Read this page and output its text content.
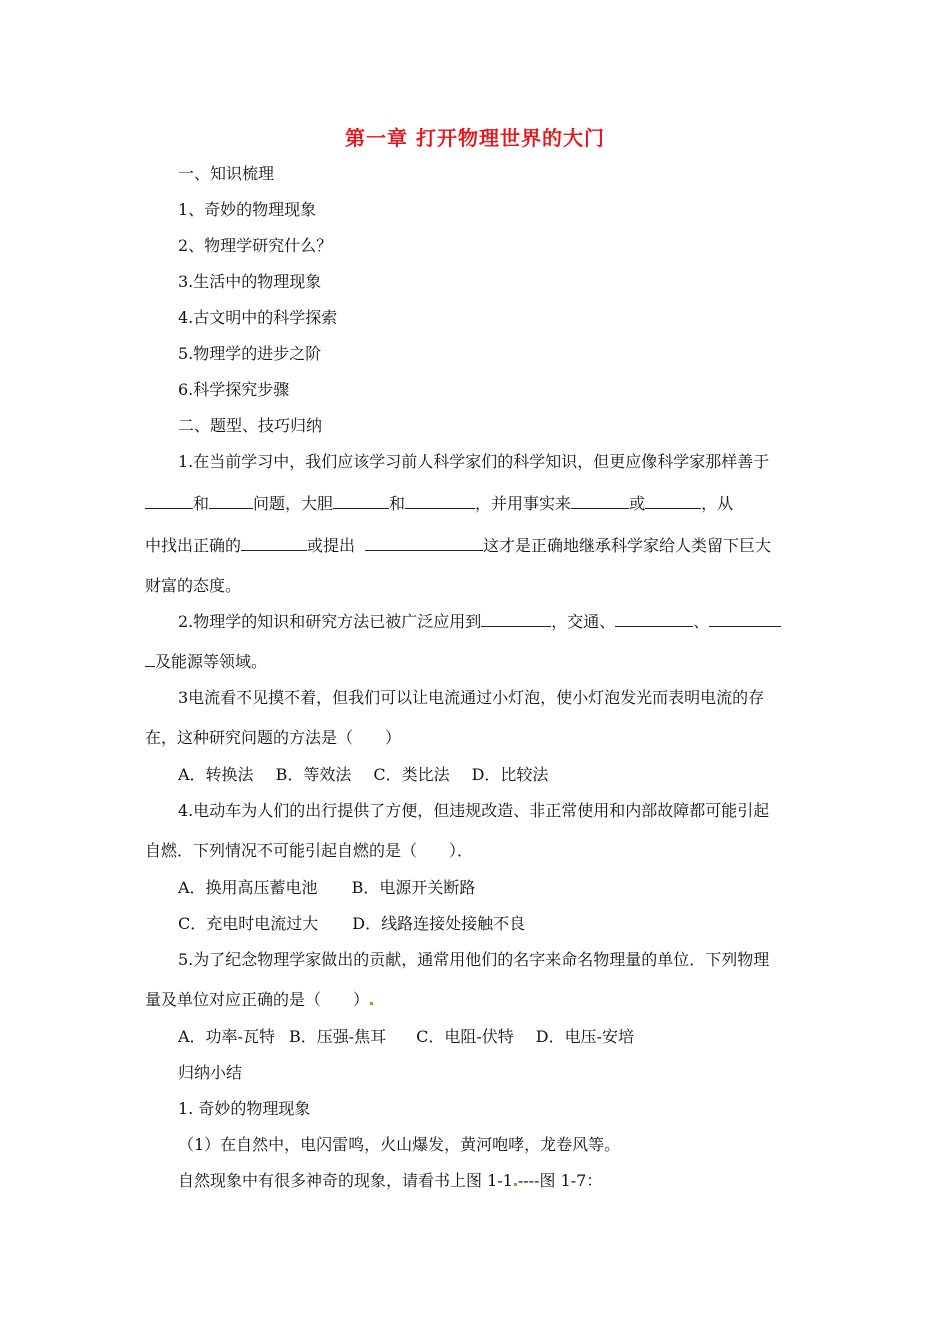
第一章 打开物理世界的大门
一、知识梳理
1、奇妙的物理现象
2、物理学研究什么？
3.生活中的物理现象
4.古文明中的科学探索
5.物理学的进步之阶
6.科学探究步骤
二、题型、技巧归纳
1.在当前学习中，我们应该学习前人科学家们的科学知识，但更应像科学家那样善于
和	问题，大胆	和	，并用事实来	或	，从
中找出正确的	或提出	这才是正确地继承科学家给人类留下巨大
财富的态度。
2.物理学的知识和研究方法已被广泛应用到	，交通、	、
及能源等领域。
3电流看不见摸不着，但我们可以让电流通过小灯泡，使小灯泡发光而表明电流的存
在，这种研究问题的方法是（　　）
A．转换法 B．等效法 C．类比法 D．比较法
4.电动车为人们的出行提供了方便，但违规改造、非正常使用和内部故障都可能引起
自燃．下列情况不可能引起自燃的是（　　）．
A．换用高压蓄电池 B．电源开关断路
C．充电时电流过大 D．线路连接处接触不良
5.为了纪念物理学家做出的贡献，通常用他们的名字来命名物理量的单位．下列物理
量及单位对应正确的是（　　）
A．功率-瓦特 B．压强-焦耳 C．电阻-伏特 D．电压-安培
归纳小结
1. 奇妙的物理现象
（1）在自然中，电闪雷鸣，火山爆发，黄河咆哮，龙卷风等。
自然现象中有很多神奇的现象，请看书上图 1-1 ----图 1-7：
